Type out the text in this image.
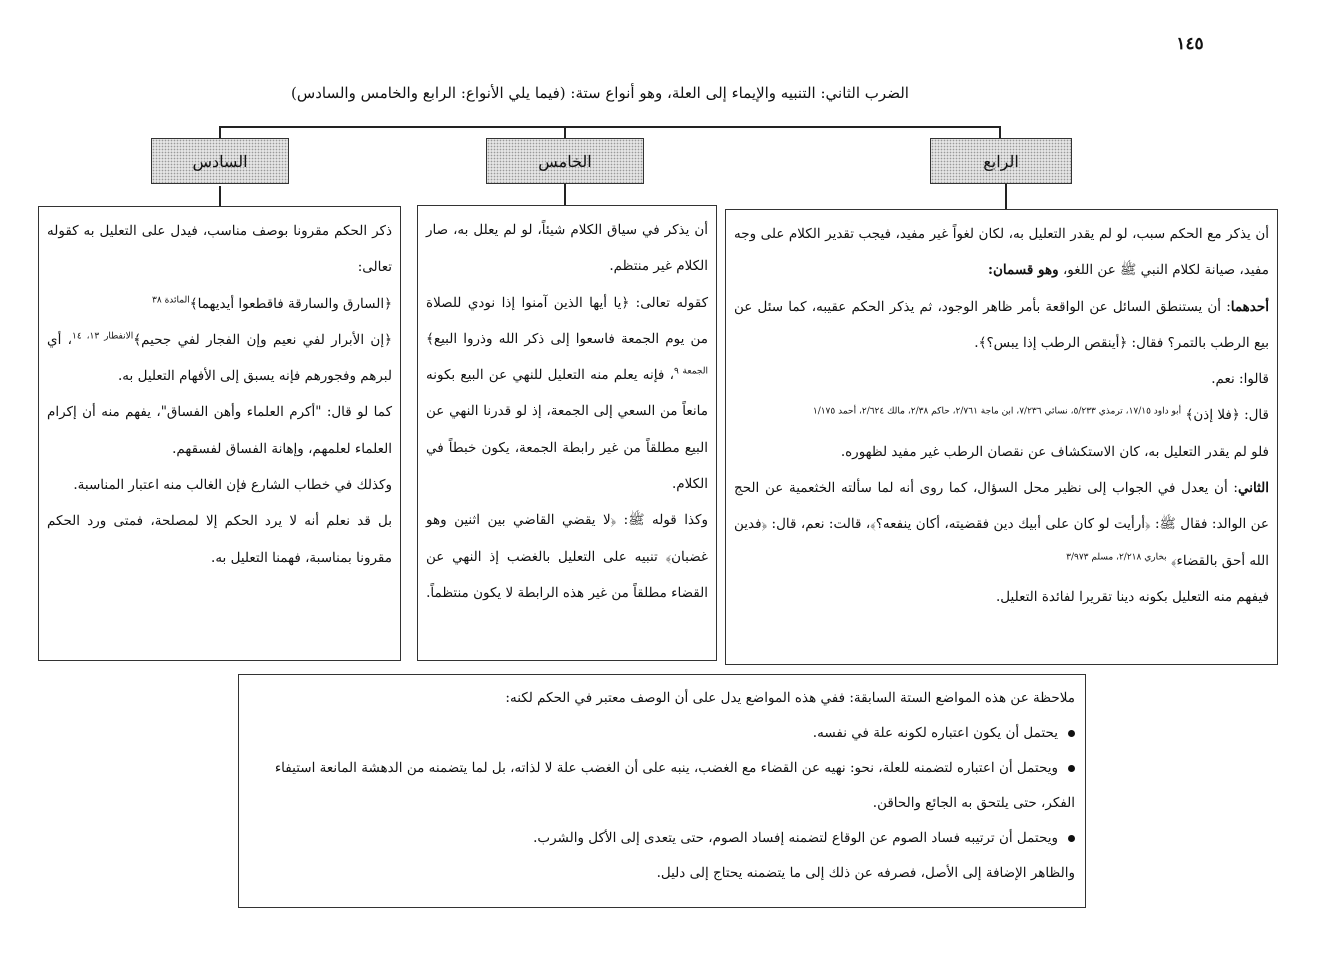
١٤٥
الضرب الثاني: التنبيه والإيماء إلى العلة، وهو أنواع ستة: (فيما يلي الأنواع: الرابع والخامس والسادس)
الرابع
الخامس
السادس

أن يذكر مع الحكم سبب، لو لم يقدر التعليل به، لكان لغواً غير مفيد، فيجب تقدير الكلام على وجه مفيد، صيانة لكلام النبي ﷺ عن اللغو، وهو قسمان:

أحدهما: أن يستنطق السائل عن الواقعة بأمر ظاهر الوجود، ثم يذكر الحكم عقيبه، كما سئل عن بيع الرطب بالتمر؟ فقال: ﴿أينقص الرطب إذا يبس؟﴾.

قالوا: نعم.

قال: ﴿فلا إذن﴾ $^{أبو داود ١٧/١٥، ترمذي ٥/٢٣٣، نسائي ٧/٢٣٦، ابن ماجة ٢/٧٦١، حاكم ٢/٣٨، مالك ٢/٦٢٤، أحمد ١/١٧٥}$

فلو لم يقدر التعليل به، كان الاستكشاف عن نقصان الرطب غير مفيد لظهوره.

الثاني: أن يعدل في الجواب إلى نظير محل السؤال، كما روى أنه لما سألته الخثعمية عن الحج عن الوالد: فقال ﷺ: ﴿أرأيت لو كان على أبيك دين فقضيته، أكان ينفعه؟﴾، قالت: نعم، قال: ﴿فدين الله أحق بالقضاء﴾ $^{بخاري ٢/٢١٨، مسلم ٣/٩٧٣}$

فيفهم منه التعليل بكونه دينا تقريرا لفائدة التعليل.

أن يذكر في سياق الكلام شيئاً، لو لم يعلل به، صار الكلام غير منتظم.

كقوله تعالى: ﴿يا أيها الذين آمنوا إذا نودي للصلاة من يوم الجمعة فاسعوا إلى ذكر الله وذروا البيع﴾$^{الجمعة ٩}$، فإنه يعلم منه التعليل للنهي عن البيع بكونه مانعاً من السعي إلى الجمعة، إذ لو قدرنا النهي عن البيع مطلقاً من غير رابطة الجمعة، يكون خبطاً في الكلام.

وكذا قوله ﷺ: ﴿لا يقضي القاضي بين اثنين وهو غضبان﴾ تنبيه على التعليل بالغضب إذ النهي عن القضاء مطلقاً من غير هذه الرابطة لا يكون منتظماً.

ذكر الحكم مقرونا بوصف مناسب، فيدل على التعليل به كقوله تعالى:

﴿السارق والسارقة فاقطعوا أيديهما﴾$^{المائدة ٣٨}$

﴿إن الأبرار لفي نعيم وإن الفجار لفي جحيم﴾$^{الانفطار ١٣، ١٤}$، أي لبرهم وفجورهم فإنه يسبق إلى الأفهام التعليل به.

كما لو قال: "أكرم العلماء وأهن الفساق"، يفهم منه أن إكرام العلماء لعلمهم، وإهانة الفساق لفسقهم.

وكذلك في خطاب الشارع فإن الغالب منه اعتبار المناسبة.

بل قد نعلم أنه لا يرد الحكم إلا لمصلحة، فمتى ورد الحكم مقرونا بمناسبة، فهمنا التعليل به.

ملاحظة عن هذه المواضع الستة السابقة: ففي هذه المواضع يدل على أن الوصف معتبر في الحكم لكنه:

يحتمل أن يكون اعتباره لكونه علة في نفسه.

ويحتمل أن اعتباره لتضمنه للعلة، نحو: نهيه عن القضاء مع الغضب، ينبه على أن الغضب علة لا لذاته، بل لما يتضمنه من الدهشة المانعة استيفاء الفكر، حتى يلتحق به الجائع والحاقن.

ويحتمل أن ترتيبه فساد الصوم عن الوقاع لتضمنه إفساد الصوم، حتى يتعدى إلى الأكل والشرب.

والظاهر الإضافة إلى الأصل، فصرفه عن ذلك إلى ما يتضمنه يحتاج إلى دليل.
